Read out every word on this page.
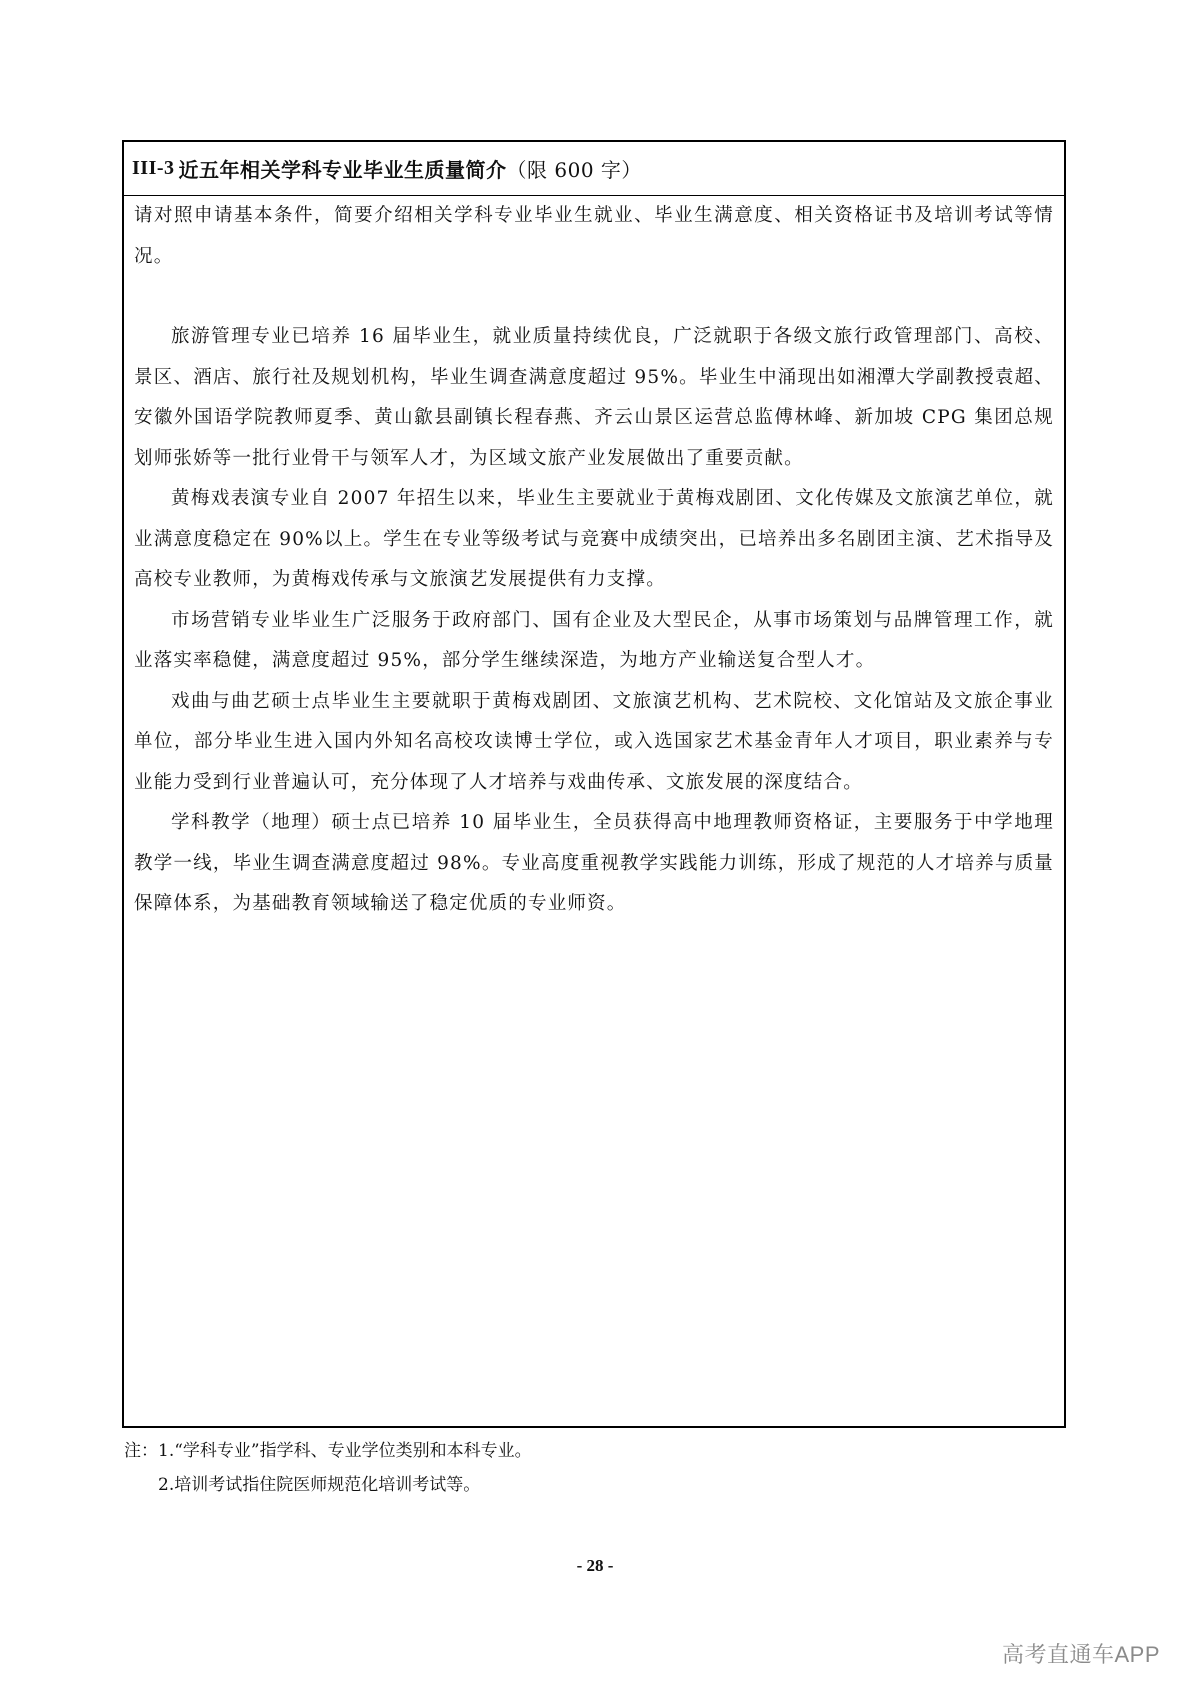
III-3 近五年相关学科专业毕业生质量简介 （限 600 字）

请对照申请基本条件，简要介绍相关学科专业毕业生就业、毕业生满意度、相关资格证书及培训考试等情况。

旅游管理专业已培养 16 届毕业生，就业质量持续优良，广泛就职于各级文旅行政管理部门、高校、景区、酒店、旅行社及规划机构，毕业生调查满意度超过 95%。毕业生中涌现出如湘潭大学副教授袁超、安徽外国语学院教师夏季、黄山歙县副镇长程春燕、齐云山景区运营总监傅林峰、新加坡 CPG 集团总规划师张娇等一批行业骨干与领军人才，为区域文旅产业发展做出了重要贡献。

黄梅戏表演专业自 2007 年招生以来，毕业生主要就业于黄梅戏剧团、文化传媒及文旅演艺单位，就业满意度稳定在 90%以上。学生在专业等级考试与竞赛中成绩突出，已培养出多名剧团主演、艺术指导及高校专业教师，为黄梅戏传承与文旅演艺发展提供有力支撑。

市场营销专业毕业生广泛服务于政府部门、国有企业及大型民企，从事市场策划与品牌管理工作，就业落实率稳健，满意度超过 95%，部分学生继续深造，为地方产业输送复合型人才。

戏曲与曲艺硕士点毕业生主要就职于黄梅戏剧团、文旅演艺机构、艺术院校、文化馆站及文旅企事业单位，部分毕业生进入国内外知名高校攻读博士学位，或入选国家艺术基金青年人才项目，职业素养与专业能力受到行业普遍认可，充分体现了人才培养与戏曲传承、文旅发展的深度结合。

学科教学（地理）硕士点已培养 10 届毕业生，全员获得高中地理教师资格证，主要服务于中学地理教学一线，毕业生调查满意度超过 98%。专业高度重视教学实践能力训练，形成了规范的人才培养与质量保障体系，为基础教育领域输送了稳定优质的专业师资。

注：1.“学科专业”指学科、专业学位类别和本科专业。
2.培训考试指住院医师规范化培训考试等。
- 28 -
高考直通车APP
